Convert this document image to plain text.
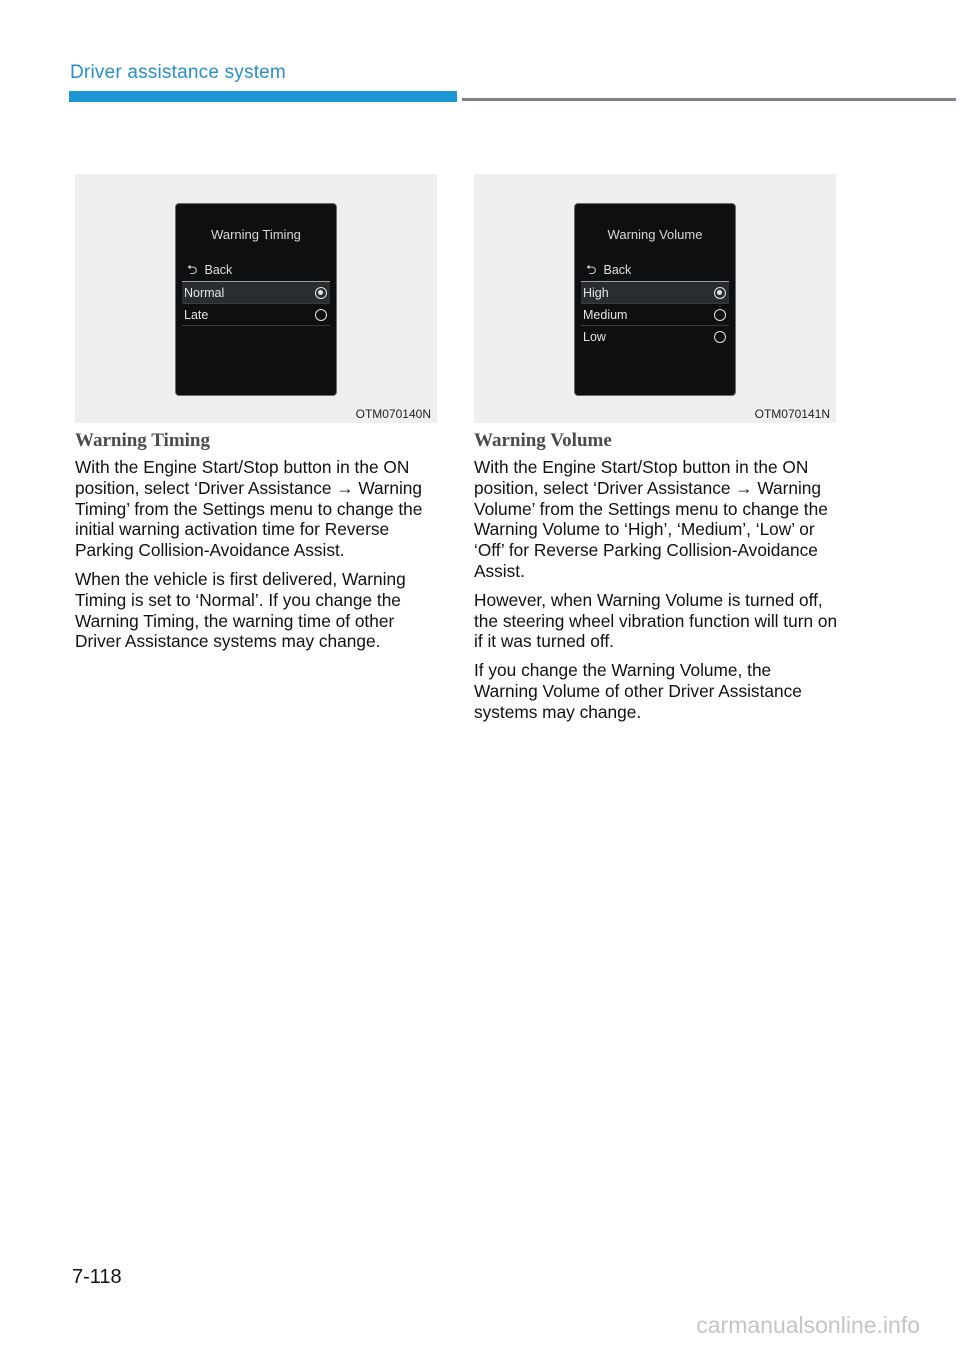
Driver assistance system
Warning Timing
⮌ Back
Normal
Late
OTM070140N
Warning Volume
⮌ Back
High
Medium
Low
OTM070141N
Warning Timing

With the Engine Start/Stop button in the ON position, select ‘Driver Assistance → Warning Timing’ from the Settings menu to change the initial warning activation time for Reverse Parking Collision-Avoidance Assist.

When the vehicle is first delivered, Warning Timing is set to ‘Normal’. If you change the Warning Timing, the warning time of other Driver Assistance systems may change.

Warning Volume

With the Engine Start/Stop button in the ON position, select ‘Driver Assistance → Warning Volume’ from the Settings menu to change the Warning Volume to ‘High’, ‘Medium’, ‘Low’ or ‘Off’ for Reverse Parking Collision-Avoidance Assist.

However, when Warning Volume is turned off, the steering wheel vibration function will turn on if it was turned off.

If you change the Warning Volume, the Warning Volume of other Driver Assistance systems may change.

7-118
carmanualsonline.info
